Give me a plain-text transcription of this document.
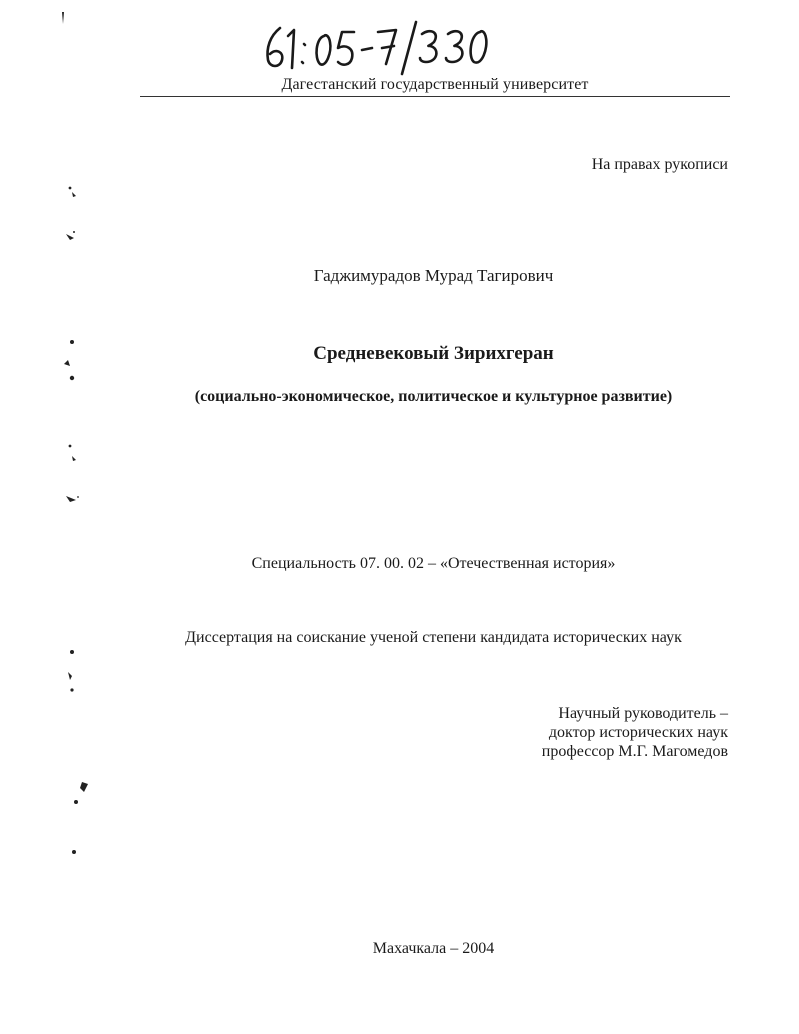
Дагестанский государственный университет
На правах рукописи
Гаджимурадов Мурад Тагирович
Средневековый Зирихгеран
(социально-экономическое, политическое и культурное развитие)
Специальность 07. 00. 02 – «Отечественная история»
Диссертация на соискание ученой степени кандидата исторических наук
Научный руководитель –
доктор исторических наук
профессор М.Г. Магомедов
Махачкала – 2004
